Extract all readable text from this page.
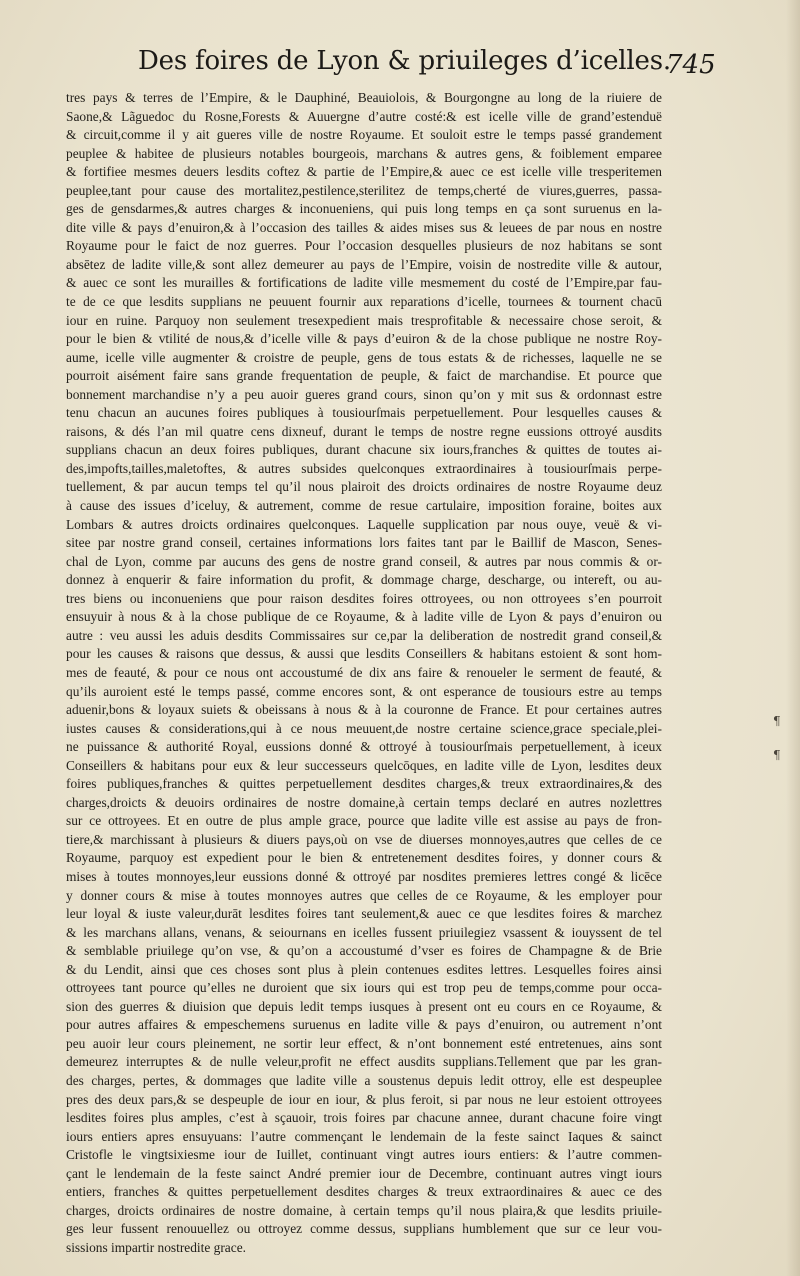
Des foires de Lyon & priuileges d’icelles.
745
tres pays & terres de l’Empire, & le Dauphiné, Beauiolois, & Bourgongne au long de la riuiere de
Saone,& Lãguedoc du Rosne,Forests & Auuergne d’autre costé:& est icelle ville de grand’estenduë
& circuit,comme il y ait gueres ville de nostre Royaume. Et souloit estre le temps passé grandement
peuplee & habitee de plusieurs notables bourgeois, marchans & autres gens, & foiblement emparee
& fortifiee mesmes deuers lesdits coftez & partie de l’Empire,& auec ce est icelle ville tresperitemen
peuplee,tant pour cause des mortalitez,pestilence,sterilitez de temps,cherté de viures,guerres, passa-
ges de gensdarmes,& autres charges & inconueniens, qui puis long temps en ça sont suruenus en la-
dite ville & pays d’enuiron,& à l’occasion des tailles & aides mises sus & leuees de par nous en nostre
Royaume pour le faict de noz guerres. Pour l’occasion desquelles plusieurs de noz habitans se sont
absētez de ladite ville,& sont allez demeurer au pays de l’Empire, voisin de nostredite ville & autour,
& auec ce sont les murailles & fortifications de ladite ville mesmement du costé de l’Empire,par fau-
te de ce que lesdits supplians ne peuuent fournir aux reparations d’icelle, tournees & tournent chacū
iour en ruine. Parquoy non seulement tresexpedient mais tresprofitable & necessaire chose seroit, &
pour le bien & vtilité de nous,& d’icelle ville & pays d’euiron & de la chose publique ne nostre Roy-
aume, icelle ville augmenter & croistre de peuple, gens de tous estats & de richesses, laquelle ne se
pourroit aisément faire sans grande frequentation de peuple, & faict de marchandise. Et pource que
bonnement marchandise n’y a peu auoir gueres grand cours, sinon qu’on y mit sus & ordonnast estre
tenu chacun an aucunes foires publiques à tousiourſmais perpetuellement. Pour lesquelles causes &
raisons, & dés l’an mil quatre cens dixneuf, durant le temps de nostre regne eussions ottroyé ausdits
supplians chacun an deux foires publiques, durant chacune six iours,franches & quittes de toutes ai-
des,impofts,tailles,maletoftes, & autres subsides quelconques extraordinaires à tousiourſmais perpe-
tuellement, & par aucun temps tel qu’il nous plairoit des droicts ordinaires de nostre Royaume deuz
à cause des issues d’iceluy, & autrement, comme de resue cartulaire, imposition foraine, boites aux
Lombars & autres droicts ordinaires quelconques. Laquelle supplication par nous ouye, veuë & vi-
sitee par nostre grand conseil, certaines informations lors faites tant par le Baillif de Mascon, Senes-
chal de Lyon, comme par aucuns des gens de nostre grand conseil, & autres par nous commis & or-
donnez à enquerir & faire information du profit, & dommage charge, descharge, ou intereft, ou au-
tres biens ou inconueniens que pour raison desdites foires ottroyees, ou non ottroyees s’en pourroit
ensuyuir à nous & à la chose publique de ce Royaume, & à ladite ville de Lyon & pays d’enuiron ou
autre : veu aussi les aduis desdits Commissaires sur ce,par la deliberation de nostredit grand conseil,&
pour les causes & raisons que dessus, & aussi que lesdits Conseillers & habitans estoient & sont hom-
mes de feauté, & pour ce nous ont accoustumé de dix ans faire & renoueler le serment de feauté, &
qu’ils auroient esté le temps passé, comme encores sont, & ont esperance de tousiours estre au temps
aduenir,bons & loyaux suiets & obeissans à nous & à la couronne de France. Et pour certaines autres
iustes causes & considerations,qui à ce nous meuuent,de nostre certaine science,grace speciale,plei-
ne puissance & authorité Royal, eussions donné & ottroyé à tousiourſmais perpetuellement, à iceux
Conseillers & habitans pour eux & leur successeurs quelcōques, en ladite ville de Lyon, lesdites deux
foires publiques,franches & quittes perpetuellement desdites charges,& treux extraordinaires,& des
charges,droicts & deuoirs ordinaires de nostre domaine,à certain temps declaré en autres nozlettres
sur ce ottroyees. Et en outre de plus ample grace, pource que ladite ville est assise au pays de fron-
tiere,& marchissant à plusieurs & diuers pays,où on vse de diuerses monnoyes,autres que celles de ce
Royaume, parquoy est expedient pour le bien & entretenement desdites foires, y donner cours &
mises à toutes monnoyes,leur eussions donné & ottroyé par nosdites premieres lettres congé & licēce
y donner cours & mise à toutes monnoyes autres que celles de ce Royaume, & les employer pour
leur loyal & iuste valeur,durāt lesdites foires tant seulement,& auec ce que lesdites foires & marchez
& les marchans allans, venans, & seiournans en icelles fussent priuilegiez vsassent & iouyssent de tel
& semblable priuilege qu’on vse, & qu’on a accoustumé d’vser es foires de Champagne & de Brie
& du Lendit, ainsi que ces choses sont plus à plein contenues esdites lettres. Lesquelles foires ainsi
ottroyees tant pource qu’elles ne duroient que six iours qui est trop peu de temps,comme pour occa-
sion des guerres & diuision que depuis ledit temps iusques à present ont eu cours en ce Royaume, &
pour autres affaires & empeschemens suruenus en ladite ville & pays d’enuiron, ou autrement n’ont
peu auoir leur cours pleinement, ne sortir leur effect, & n’ont bonnement esté entretenues, ains sont
demeurez interruptes & de nulle veleur,profit ne effect ausdits supplians.Tellement que par les gran-
des charges, pertes, & dommages que ladite ville a soustenus depuis ledit ottroy, elle est despeuplee
pres des deux pars,& se despeuple de iour en iour, & plus feroit, si par nous ne leur estoient ottroyees
lesdites foires plus amples, c’est à sçauoir, trois foires par chacune annee, durant chacune foire vingt
iours entiers apres ensuyuans: l’autre commençant le lendemain de la feste sainct Iaques & sainct
Cristofle le vingtsixiesme iour de Iuillet, continuant vingt autres iours entiers: & l’autre commen-
çant le lendemain de la feste sainct André premier iour de Decembre, continuant autres vingt iours
entiers, franches & quittes perpetuellement desdites charges & treux extraordinaires & auec ce des
charges, droicts ordinaires de nostre domaine, à certain temps qu’il nous plaira,& que lesdits priuile-
ges leur fussent renouuellez ou ottroyez comme dessus, supplians humblement que sur ce leur vou-
sissions impartir nostredite grace.
¶
¶
